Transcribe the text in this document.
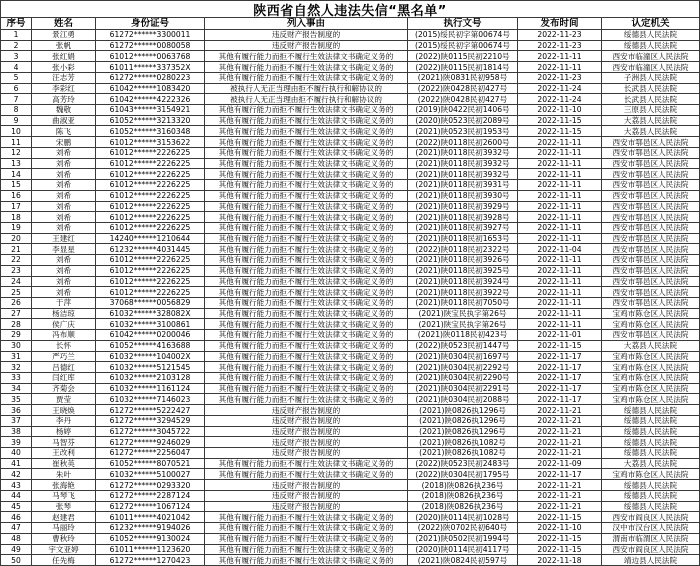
陕西省自然人违法失信“黑名单”
序号	姓名	身份证号	列入事由	执行文号	发布时间	认定机关
1	景江勇	61272******3300011	违反财产报告制度的	(2015)绥民初字第00674号	2022-11-23	绥德县人民法院
2	张帆	61272******0080058	违反财产报告制度的	(2015)绥民初字第00674号	2022-11-23	绥德县人民法院
3	张红娟	61012******0063768	其他有履行能力而拒不履行生效法律文书确定义务的	(2022)陕0115民初2210号	2022-11-11	西安市临潼区人民法院
4	张小彩	61011******337352X	其他有履行能力而拒不履行生效法律文书确定义务的	(2022)陕0115民初1814号	2022-11-11	西安市临潼区人民法院
5	汪志芳	61272******0280223	其他有履行能力而拒不履行生效法律文书确定义务的	(2021)陕0831民初958号	2022-11-23	子洲县人民法院
6	李彩红	61042******1083420	被执行人无正当理由拒不履行执行和解协议的	(2022)陕0428民初427号	2022-11-24	长武县人民法院
7	高芳玲	61042******4222326	被执行人无正当理由拒不履行执行和解协议的	(2022)陕0428民初427号	2022-11-24	长武县人民法院
8	魏敬	61043******3154921	其他有履行能力而拒不履行生效法律文书确定义务的	(2019)陕0422民初1406号	2022-11-10	三原县人民法院
9	曲淑亚	61052******3213320	其他有履行能力而拒不履行生效法律文书确定义务的	(2020)陕0523民初2089号	2022-11-15	大荔县人民法院
10	陈飞	61052******3160348	其他有履行能力而拒不履行生效法律文书确定义务的	(2021)陕0523民初1953号	2022-11-15	大荔县人民法院
11	宋鹏	61012******3153622	其他有履行能力而拒不履行生效法律文书确定义务的	(2022)陕0118民初2600号	2022-11-11	西安市鄠邑区人民法院
12	刘希	61012******2226225	其他有履行能力而拒不履行生效法律文书确定义务的	(2021)陕0118民初3932号	2022-11-11	西安市鄠邑区人民法院
13	刘希	61012******2226225	其他有履行能力而拒不履行生效法律文书确定义务的	(2021)陕0118民初3932号	2022-11-11	西安市鄠邑区人民法院
14	刘希	61012******2226225	其他有履行能力而拒不履行生效法律文书确定义务的	(2021)陕0118民初3932号	2022-11-11	西安市鄠邑区人民法院
15	刘希	61012******2226225	其他有履行能力而拒不履行生效法律文书确定义务的	(2021)陕0118民初3931号	2022-11-11	西安市鄠邑区人民法院
16	刘希	61012******2226225	其他有履行能力而拒不履行生效法律文书确定义务的	(2021)陕0118民初3930号	2022-11-11	西安市鄠邑区人民法院
17	刘希	61012******2226225	其他有履行能力而拒不履行生效法律文书确定义务的	(2021)陕0118民初3929号	2022-11-11	西安市鄠邑区人民法院
18	刘希	61012******2226225	其他有履行能力而拒不履行生效法律文书确定义务的	(2021)陕0118民初3928号	2022-11-11	西安市鄠邑区人民法院
19	刘希	61012******2226225	其他有履行能力而拒不履行生效法律文书确定义务的	(2021)陕0118民初3927号	2022-11-11	西安市鄠邑区人民法院
20	王建红	14240******1210644	其他有履行能力而拒不履行生效法律文书确定义务的	(2021)陕0118民初1653号	2022-11-11	西安市鄠邑区人民法院
21	李显星	61232******4031445	其他有履行能力而拒不履行生效法律文书确定义务的	(2022)陕0118民初2322号	2022-11-04	西安市鄠邑区人民法院
22	刘希	61012******2226225	其他有履行能力而拒不履行生效法律文书确定义务的	(2021)陕0118民初3926号	2022-11-11	西安市鄠邑区人民法院
23	刘希	61012******2226225	其他有履行能力而拒不履行生效法律文书确定义务的	(2021)陕0118民初3925号	2022-11-11	西安市鄠邑区人民法院
24	刘希	61012******2226225	其他有履行能力而拒不履行生效法律文书确定义务的	(2021)陕0118民初3924号	2022-11-11	西安市鄠邑区人民法院
25	刘希	61012******2226225	其他有履行能力而拒不履行生效法律文书确定义务的	(2021)陕0118民初3922号	2022-11-11	西安市鄠邑区人民法院
26	于萍	37068******0056829	其他有履行能力而拒不履行生效法律文书确定义务的	(2021)陕0118民初7050号	2022-11-11	西安市鄠邑区人民法院
27	杨洁琼	61032******328082X	其他有履行能力而拒不履行生效法律文书确定义务的	(2021)陕宝民执字第26号	2022-11-11	宝鸡市陈仓区人民法院
28	侯广庆	61032******3100861	其他有履行能力而拒不履行生效法律文书确定义务的	(2021)陕宝民执字第26号	2022-11-11	宝鸡市陈仓区人民法院
29	冯布顺	61042******0200046	其他有履行能力而拒不履行生效法律文书确定义务的	(2021)陕0118民初423号	2022-11-01	西安市鄠邑区人民法院
30	长怀	61052******4163688	其他有履行能力而拒不履行生效法律文书确定义务的	(2022)陕0523民初1447号	2022-11-15	大荔县人民法院
31	严巧兰	61032******104002X	其他有履行能力而拒不履行生效法律文书确定义务的	(2021)陕0304民初1697号	2022-11-17	宝鸡市陈仓区人民法院
32	吕德红	61032******5121545	其他有履行能力而拒不履行生效法律文书确定义务的	(2021)陕0304民初2292号	2022-11-17	宝鸡市陈仓区人民法院
33	闫红库	61032******2103128	其他有履行能力而拒不履行生效法律文书确定义务的	(2021)陕0304民初2290号	2022-11-17	宝鸡市陈仓区人民法院
34	齐菊会	61032******1161124	其他有履行能力而拒不履行生效法律文书确定义务的	(2021)陕0304民初2291号	2022-11-17	宝鸡市陈仓区人民法院
35	贾莹	61032******7146023	其他有履行能力而拒不履行生效法律文书确定义务的	(2021)陕0304民初2088号	2022-11-17	宝鸡市陈仓区人民法院
36	王晓焕	61272******5222427	违反财产报告制度的	(2021)陕0826执1296号	2022-11-21	绥德县人民法院
37	李丹	61272******3294529	违反财产报告制度的	(2021)陕0826执1296号	2022-11-21	绥德县人民法院
38	杨婷	61272******3045722	违反财产报告制度的	(2021)陕0826执1296号	2022-11-21	绥德县人民法院
39	马智芬	61272******9246029	违反财产报告制度的	(2021)陕0826执1082号	2022-11-21	绥德县人民法院
40	王改利	61272******2256047	违反财产报告制度的	(2021)陕0826执1082号	2022-11-21	绥德县人民法院
41	崔秋英	61052******8070521	其他有履行能力而拒不履行生效法律文书确定义务的	(2022)陕0523民初2483号	2022-11-09	大荔县人民法院
42	朱叶	61032******5100027	其他有履行能力而拒不履行生效法律文书确定义务的	(2022)陕0304民初1795号	2022-11-17	宝鸡市陈仓区人民法院
43	张海艳	61272******0293320	违反财产报告制度的	(2018)陕0826执236号	2022-11-21	绥德县人民法院
44	马琴飞	61272******2287124	违反财产报告制度的	(2018)陕0826执236号	2022-11-21	绥德县人民法院
45	张琴	61272******1067124	违反财产报告制度的	(2018)陕0826执236号	2022-11-21	绥德县人民法院
46	赵建君	61011******4021042	其他有履行能力而拒不履行生效法律文书确定义务的	(2020)陕0114民初1028号	2022-11-15	西安市阎良区人民法院
47	马丽玲	61232******9194026	其他有履行能力而拒不履行生效法律文书确定义务的	(2022)陕0702民初640号	2022-11-10	汉中市汉台区人民法院
48	曹秋玲	61052******9130024	其他有履行能力而拒不履行生效法律文书确定义务的	(2021)陕0502民初1994号	2022-11-15	渭南市临渭区人民法院
49	宇文亚婷	61011******1123620	其他有履行能力而拒不履行生效法律文书确定义务的	(2020)陕0114民初4117号	2022-11-15	西安市阎良区人民法院
50	任先梅	61272******1270423	其他有履行能力而拒不履行生效法律文书确定义务的	(2021)陕0824民初597号	2022-11-18	靖边县人民法院
